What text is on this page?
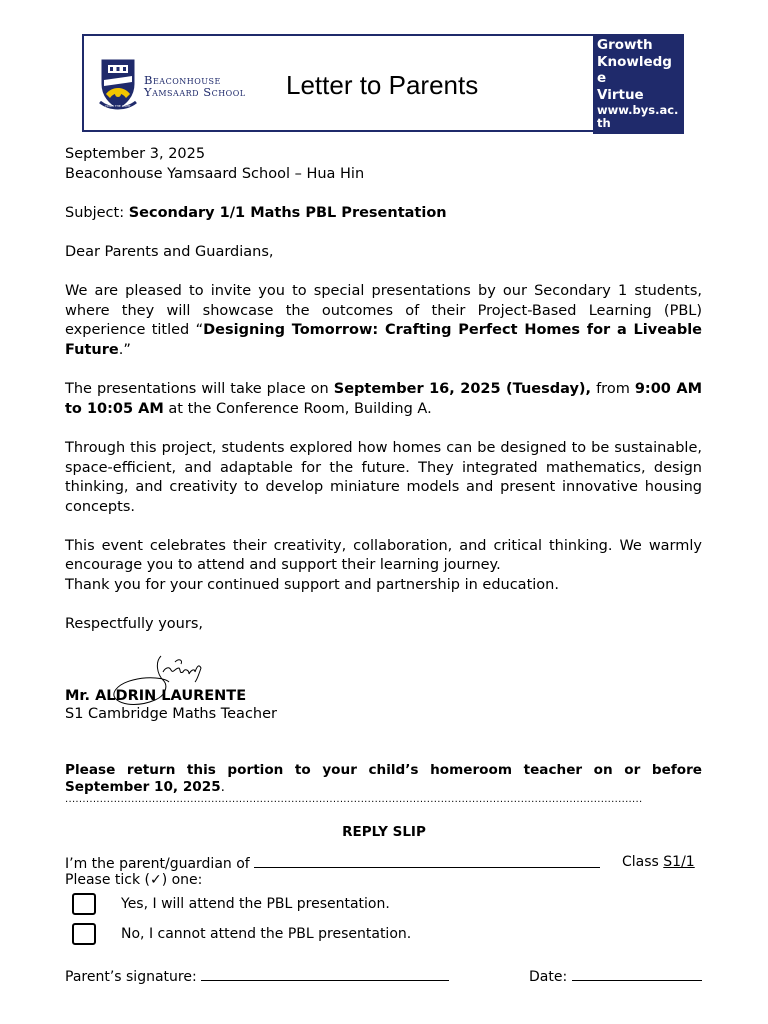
HOLD THE LIGHT
Beaconhouse
Yamsaard School Letter to Parents
Growth
Knowledge
Virtue
www.bys.ac.th

September 3, 2025

Beaconhouse Yamsaard School – Hua Hin

Subject: Secondary 1/1 Maths PBL Presentation

Dear Parents and Guardians,

We are pleased to invite you to special presentations by our Secondary 1 students, where they will showcase the outcomes of their Project-Based Learning (PBL) experience titled “Designing Tomorrow: Crafting Perfect Homes for a Liveable Future.”

The presentations will take place on September 16, 2025 (Tuesday), from 9:00 AM to 10:05 AM at the Conference Room, Building A.

Through this project, students explored how homes can be designed to be sustainable, space-efficient, and adaptable for the future. They integrated mathematics, design thinking, and creativity to develop miniature models and present innovative housing concepts.

This event celebrates their creativity, collaboration, and critical thinking. We warmly encourage you to attend and support their learning journey.

Thank you for your continued support and partnership in education.

Respectfully yours,

Mr. ALDRIN LAURENTE
S1 Cambridge Maths Teacher
Please return this portion to your child’s homeroom teacher on or before September 10, 2025.
......................................................................................................................................................................
REPLY SLIP
I’m the parent/guardian of	Class S1/1
Please tick (✓) one:
Yes, I will attend the PBL presentation.
No, I cannot attend the PBL presentation.
Parent’s signature:	Date:
